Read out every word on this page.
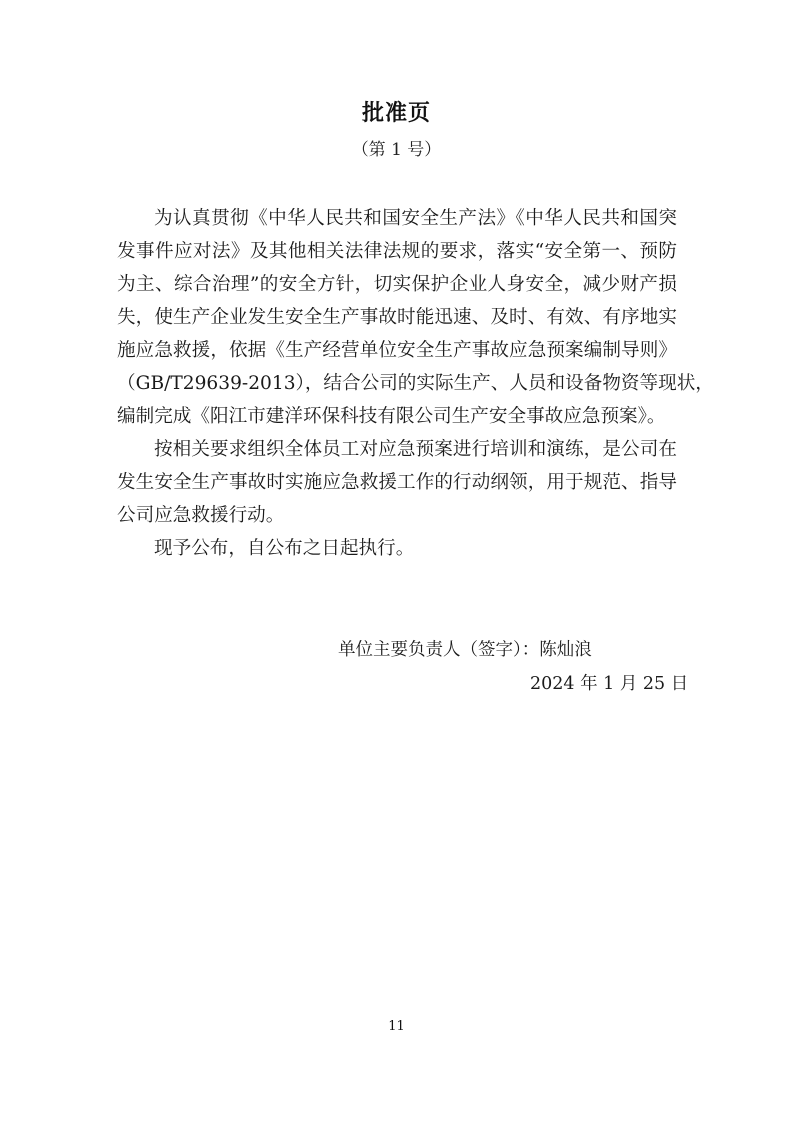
批准页
（第 1 号）
为认真贯彻《中华人民共和国安全生产法》《中华人民共和国突
发事件应对法》及其他相关法律法规的要求，落实“安全第一、预防
为主、综合治理”的安全方针，切实保护企业人身安全，减少财产损
失，使生产企业发生安全生产事故时能迅速、及时、有效、有序地实
施应急救援，依据《生产经营单位安全生产事故应急预案编制导则》
（GB/T29639-2013），结合公司的实际生产、人员和设备物资等现状，
编制完成《阳江市建洋环保科技有限公司生产安全事故应急预案》。
按相关要求组织全体员工对应急预案进行培训和演练，是公司在
发生安全生产事故时实施应急救援工作的行动纲领，用于规范、指导
公司应急救援行动。
现予公布，自公布之日起执行。
单位主要负责人（签字）：陈灿浪
2024 年 1 月 25 日
11
